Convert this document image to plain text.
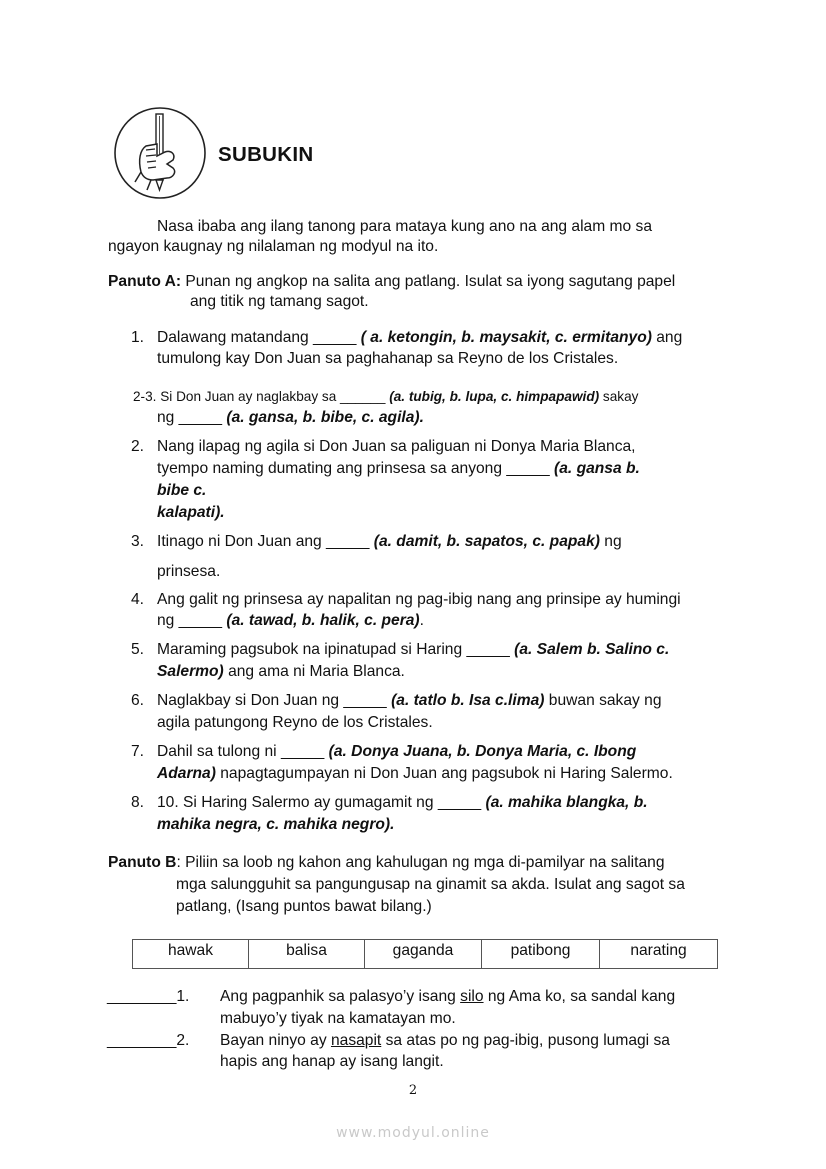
SUBUKIN
Nasa ibaba ang ilang tanong para mataya kung ano na ang alam mo sa
ngayon kaugnay ng nilalaman ng modyul na ito.
Panuto A: Punan ng angkop na salita ang patlang. Isulat sa iyong sagutang papel
ang titik ng tamang sagot.
1. Dalawang matandang _____ ( a. ketongin, b. maysakit, c. ermitanyo) ang
tumulong kay Don Juan sa paghahanap sa Reyno de los Cristales.
2-3. Si Don Juan ay naglakbay sa ______ (a. tubig, b. lupa, c. himpapawid) sakay
ng _____ (a. gansa, b. bibe, c. agila).
2. Nang ilapag ng agila si Don Juan sa paliguan ni Donya Maria Blanca,
tyempo naming dumating ang prinsesa sa anyong _____ (a. gansa b.
bibe c.
kalapati).
3. Itinago ni Don Juan ang _____ (a. damit, b. sapatos, c. papak) ng
prinsesa.
4. Ang galit ng prinsesa ay napalitan ng pag-ibig nang ang prinsipe ay humingi
ng _____ (a. tawad, b. halik, c. pera).
5. Maraming pagsubok na ipinatupad si Haring _____ (a. Salem b. Salino c.
Salermo) ang ama ni Maria Blanca.
6. Naglakbay si Don Juan ng _____ (a. tatlo b. Isa c.lima) buwan sakay ng
agila patungong Reyno de los Cristales.
7. Dahil sa tulong ni _____ (a. Donya Juana, b. Donya Maria, c. Ibong
Adarna) napagtagumpayan ni Don Juan ang pagsubok ni Haring Salermo.
8. 10. Si Haring Salermo ay gumagamit ng _____ (a. mahika blangka, b.
mahika negra, c. mahika negro).
Panuto B: Piliin sa loob ng kahon ang kahulugan ng mga di-pamilyar na salitang
mga salungguhit sa pangungusap na ginamit sa akda. Isulat ang sagot sa
patlang, (Isang puntos bawat bilang.)
hawak	balisa	gaganda	patibong	narating
________1. Ang pagpanhik sa palasyo’y isang silo ng Ama ko, sa sandal kang
mabuyo’y tiyak na kamatayan mo.
________2. Bayan ninyo ay nasapit sa atas po ng pag-ibig, pusong lumagi sa
hapis ang hanap ay isang langit.
2
www.modyul.online
